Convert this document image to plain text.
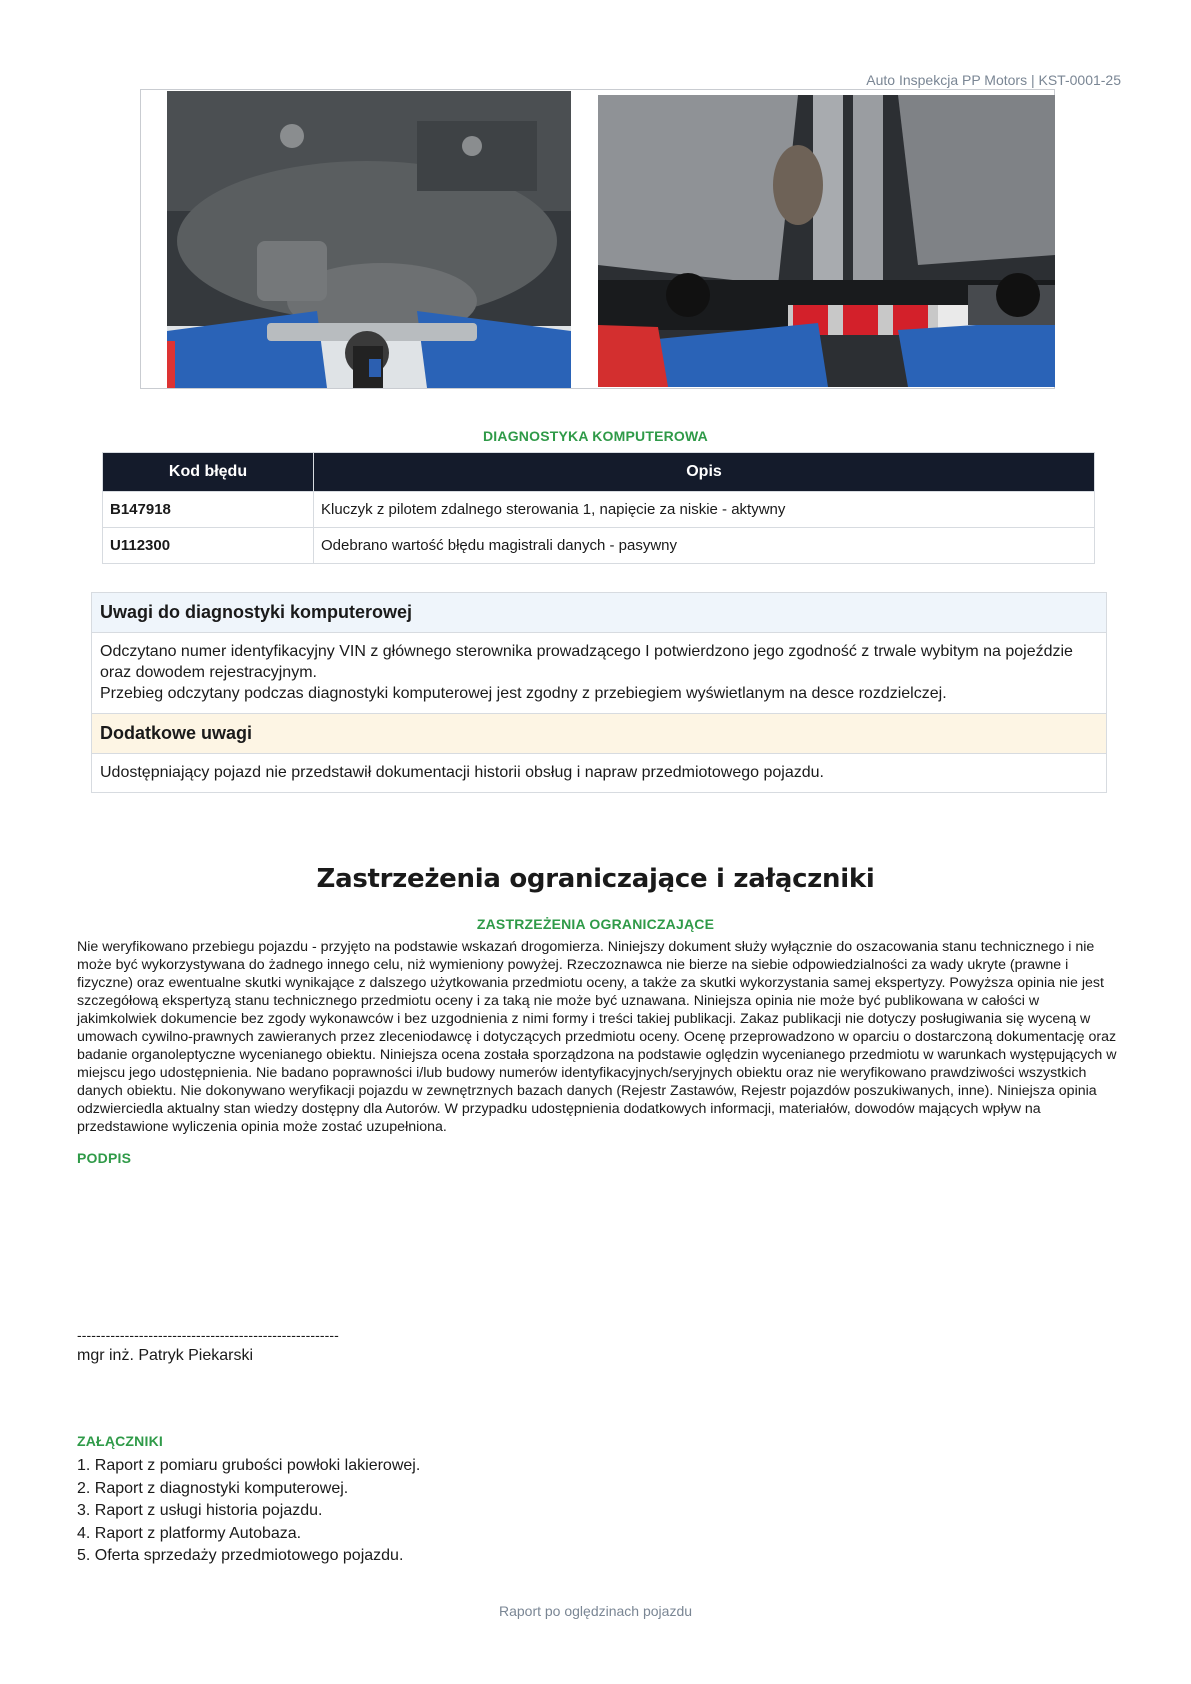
Auto Inspekcja PP Motors | KST-0001-25
DIAGNOSTYKA KOMPUTEROWA
Kod błędu	Opis
B147918	Kluczyk z pilotem zdalnego sterowania 1, napięcie za niskie - aktywny
U112300	Odebrano wartość błędu magistrali danych - pasywny
Uwagi do diagnostyki komputerowej
Odczytano numer identyfikacyjny VIN z głównego sterownika prowadzącego I potwierdzono jego zgodność z trwale wybitym na pojeździe oraz dowodem rejestracyjnym.
Przebieg odczytany podczas diagnostyki komputerowej jest zgodny z przebiegiem wyświetlanym na desce rozdzielczej.
Dodatkowe uwagi
Udostępniający pojazd nie przedstawił dokumentacji historii obsług i napraw przedmiotowego pojazdu.
Zastrzeżenia ograniczające i załączniki
ZASTRZEŻENIA OGRANICZAJĄCE
Nie weryfikowano przebiegu pojazdu - przyjęto na podstawie wskazań drogomierza. Niniejszy dokument służy wyłącznie do oszacowania stanu technicznego i nie może być wykorzystywana do żadnego innego celu, niż wymieniony powyżej. Rzeczoznawca nie bierze na siebie odpowiedzialności za wady ukryte (prawne i fizyczne) oraz ewentualne skutki wynikające z dalszego użytkowania przedmiotu oceny, a także za skutki wykorzystania samej ekspertyzy. Powyższa opinia nie jest szczegółową ekspertyzą stanu technicznego przedmiotu oceny i za taką nie może być uznawana. Niniejsza opinia nie może być publikowana w całości w jakimkolwiek dokumencie bez zgody wykonawców i bez uzgodnienia z nimi formy i treści takiej publikacji. Zakaz publikacji nie dotyczy posługiwania się wyceną w umowach cywilno-prawnych zawieranych przez zleceniodawcę i dotyczących przedmiotu oceny. Ocenę przeprowadzono w oparciu o dostarczoną dokumentację oraz badanie organoleptyczne wycenianego obiektu. Niniejsza ocena została sporządzona na podstawie oględzin wycenianego przedmiotu w warunkach występujących w miejscu jego udostępnienia. Nie badano poprawności i/lub budowy numerów identyfikacyjnych/seryjnych obiektu oraz nie weryfikowano prawdziwości wszystkich danych obiektu. Nie dokonywano weryfikacji pojazdu w zewnętrznych bazach danych (Rejestr Zastawów, Rejestr pojazdów poszukiwanych, inne). Niniejsza opinia odzwierciedla aktualny stan wiedzy dostępny dla Autorów. W przypadku udostępnienia dodatkowych informacji, materiałów, dowodów mających wpływ na przedstawione wyliczenia opinia może zostać uzupełniona.
PODPIS
-------------------------------------------------------
mgr inż. Patryk Piekarski
ZAŁĄCZNIKI
1. Raport z pomiaru grubości powłoki lakierowej.
2. Raport z diagnostyki komputerowej.
3. Raport z usługi historia pojazdu.
4. Raport z platformy Autobaza.
5. Oferta sprzedaży przedmiotowego pojazdu.
Raport po oględzinach pojazdu
